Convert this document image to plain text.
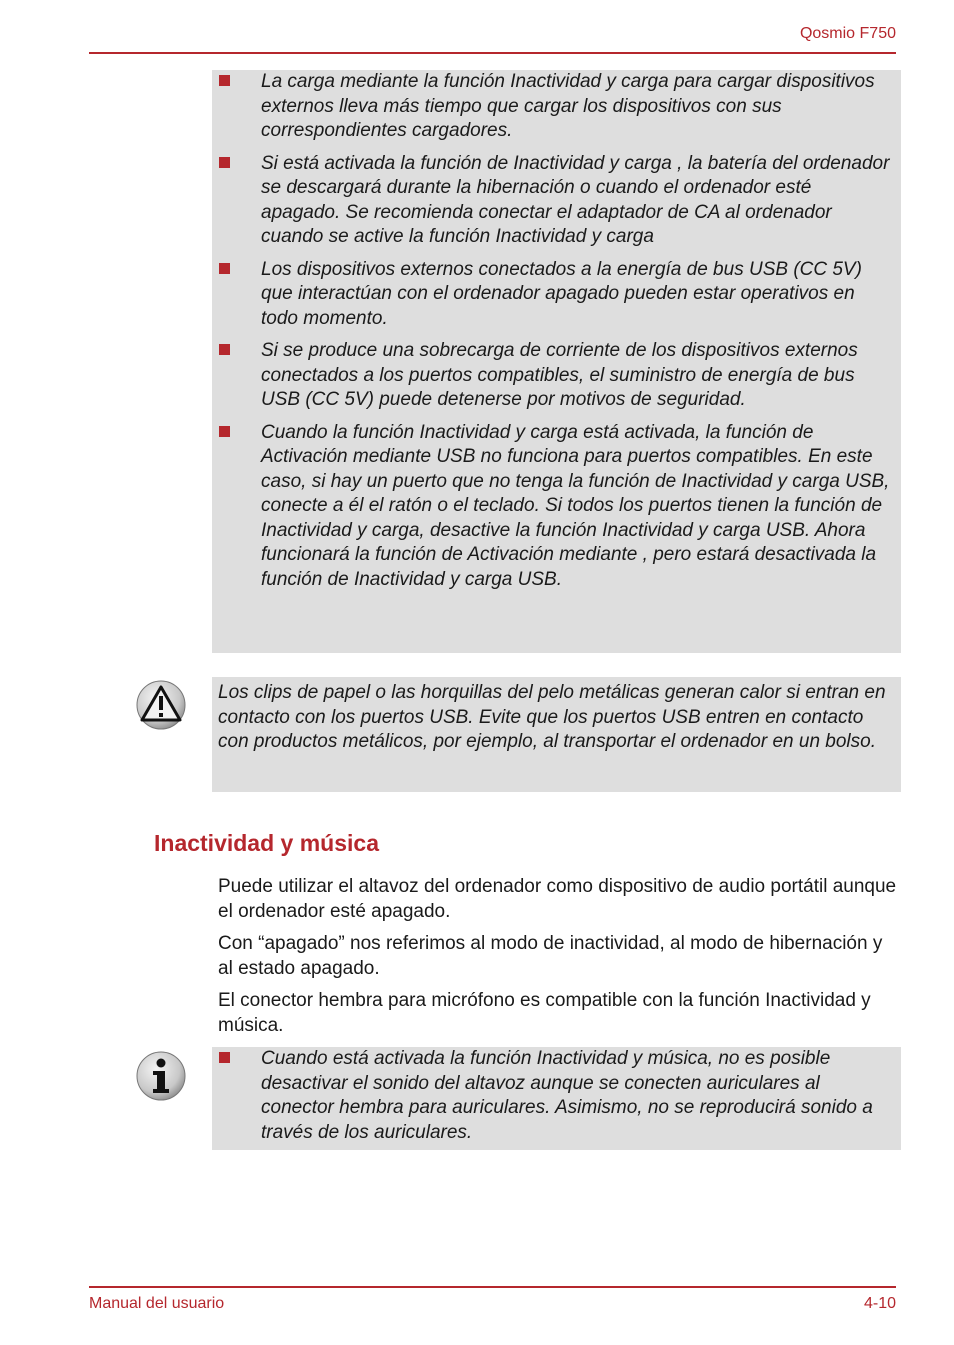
Qosmio F750
La carga mediante la función Inactividad y carga para cargar dispositivos externos lleva más tiempo que cargar los dispositivos con sus correspondientes cargadores.
Si está activada la función de Inactividad y carga , la batería del ordenador se descargará durante la hibernación o cuando el ordenador esté apagado. Se recomienda conectar el adaptador de CA al ordenador cuando se active la función Inactividad y carga
Los dispositivos externos conectados a la energía de bus USB (CC 5V) que interactúan con el ordenador apagado pueden estar operativos en todo momento.
Si se produce una sobrecarga de corriente de los dispositivos externos conectados a los puertos compatibles, el suministro de energía de bus USB (CC 5V) puede detenerse por motivos de seguridad.
Cuando la función Inactividad y carga está activada, la función de Activación mediante USB no funciona para puertos compatibles. En este caso, si hay un puerto que no tenga la función de Inactividad y carga USB, conecte a él el ratón o el teclado. Si todos los puertos tienen la función de Inactividad y carga, desactive la función Inactividad y carga USB. Ahora funcionará la función de Activación mediante , pero estará desactivada la función de Inactividad y carga USB.

Los clips de papel o las horquillas del pelo metálicas generan calor si entran en contacto con los puertos USB. Evite que los puertos USB entren en contacto con productos metálicos, por ejemplo, al transportar el ordenador en un bolso.

Inactividad y música

Puede utilizar el altavoz del ordenador como dispositivo de audio portátil aunque el ordenador esté apagado.

Con “apagado” nos referimos al modo de inactividad, al modo de hibernación y al estado apagado.

El conector hembra para micrófono es compatible con la función Inactividad y música.

Cuando está activada la función Inactividad y música, no es posible desactivar el sonido del altavoz aunque se conecten auriculares al conector hembra para auriculares. Asimismo, no se reproducirá sonido a través de los auriculares.
Manual del usuario	4-10
